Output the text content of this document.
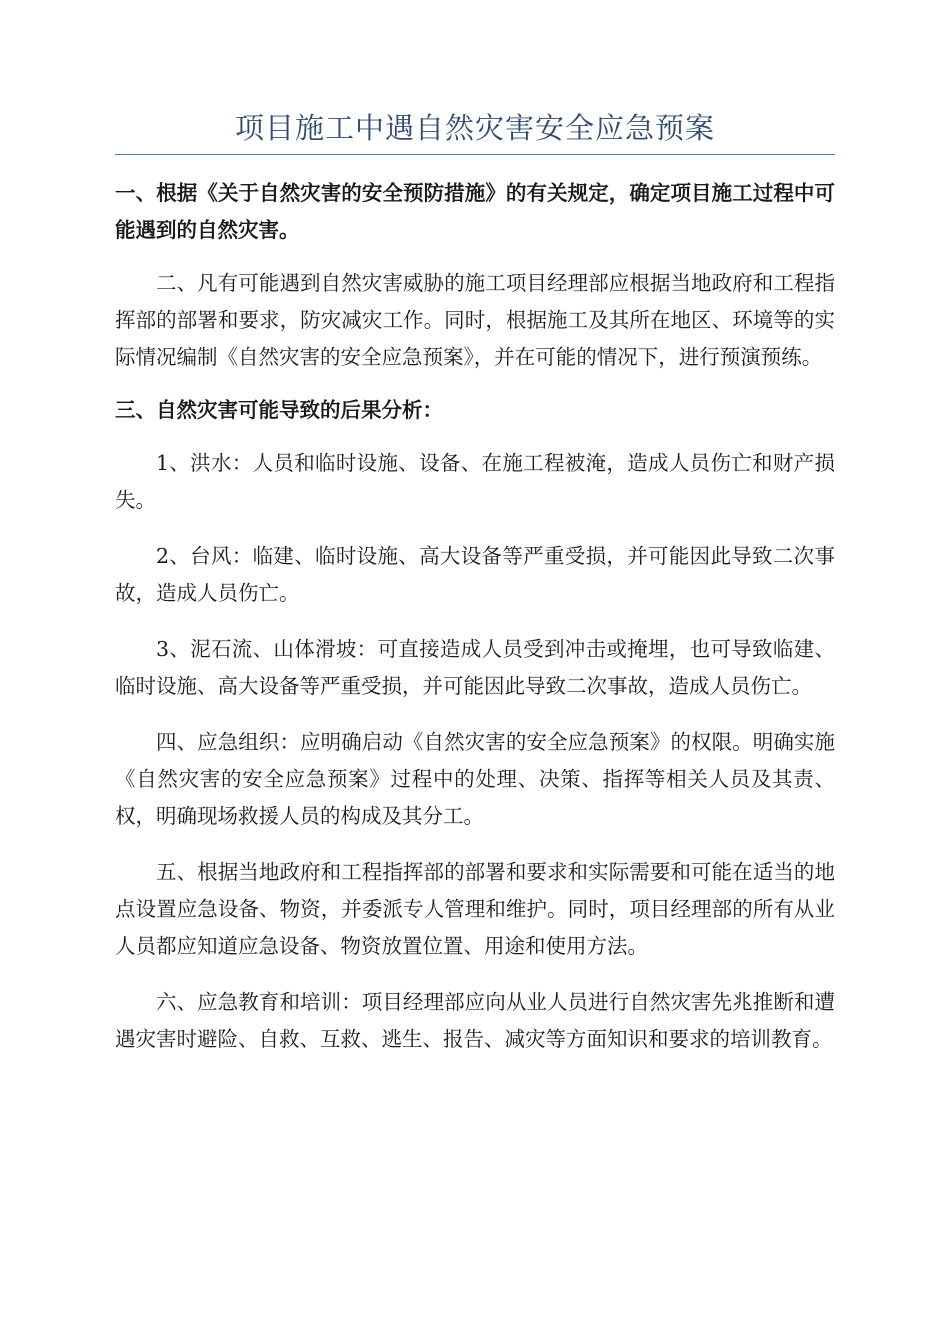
项目施工中遇自然灾害安全应急预案

一、根据《关于自然灾害的安全预防措施》的有关规定，确定项目施工过程中可能遇到的自然灾害。

二、凡有可能遇到自然灾害威胁的施工项目经理部应根据当地政府和工程指挥部的部署和要求，防灾减灾工作。同时，根据施工及其所在地区、环境等的实际情况编制《自然灾害的安全应急预案》，并在可能的情况下，进行预演预练。

三、自然灾害可能导致的后果分析：

1、洪水：人员和临时设施、设备、在施工程被淹，造成人员伤亡和财产损失。

2、台风：临建、临时设施、高大设备等严重受损，并可能因此导致二次事故，造成人员伤亡。

3、泥石流、山体滑坡：可直接造成人员受到冲击或掩埋，也可导致临建、临时设施、高大设备等严重受损，并可能因此导致二次事故，造成人员伤亡。

四、应急组织：应明确启动《自然灾害的安全应急预案》的权限。明确实施《自然灾害的安全应急预案》过程中的处理、决策、指挥等相关人员及其责、权，明确现场救援人员的构成及其分工。

五、根据当地政府和工程指挥部的部署和要求和实际需要和可能在适当的地点设置应急设备、物资，并委派专人管理和维护。同时，项目经理部的所有从业人员都应知道应急设备、物资放置位置、用途和使用方法。

六、应急教育和培训：项目经理部应向从业人员进行自然灾害先兆推断和遭遇灾害时避险、自救、互救、逃生、报告、减灾等方面知识和要求的培训教育。
